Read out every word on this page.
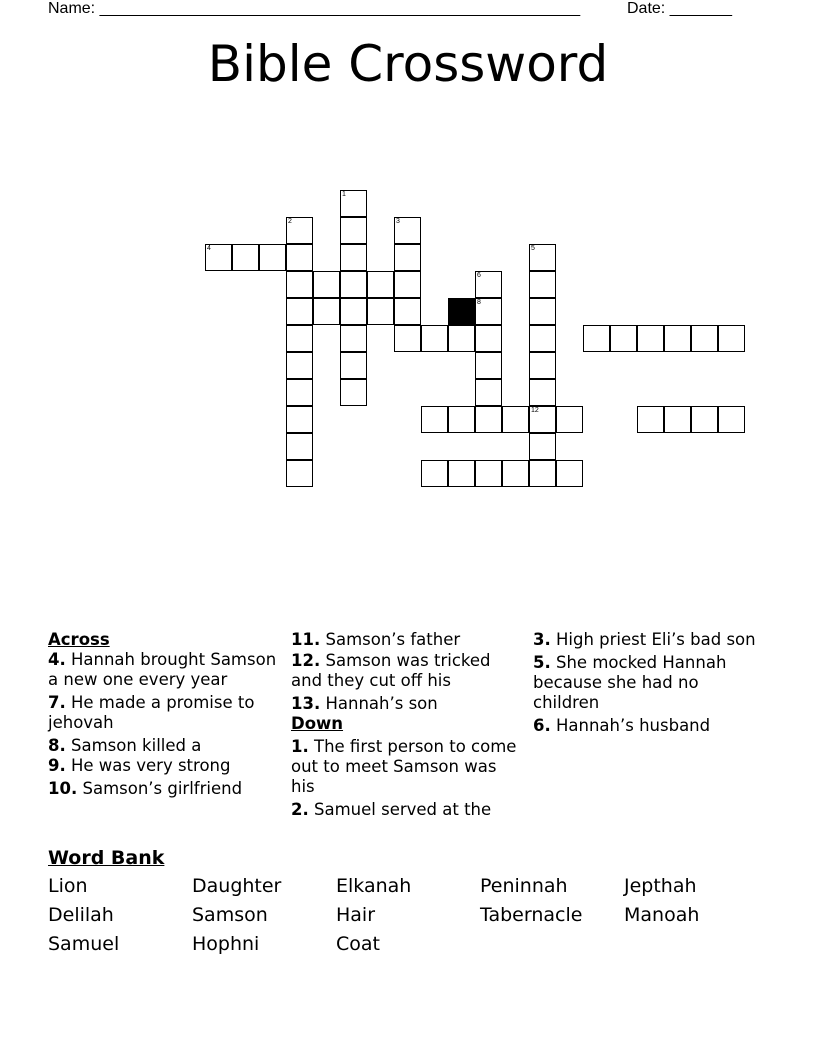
Name: ______________________________________________________	Date: _______
Bible Crossword
1
2	3
5
12
6
8
4
Across
4. Hannah brought Samson a new one every year
7. He made a promise to jehovah
8. Samson killed a
9. He was very strong
10. Samson’s girlfriend
11. Samson’s father
12. Samson was tricked and they cut off his
13. Hannah’s son
Down
1. The first person to come out to meet Samson was his
2. Samuel served at the
3. High priest Eli’s bad son
5. She mocked Hannah because she had no children
6. Hannah’s husband
Word Bank
Lion	Daughter	Elkanah	Peninnah	Jepthah
Delilah	Samson	Hair	Tabernacle Manoah
Samuel	Hophni	Coat
